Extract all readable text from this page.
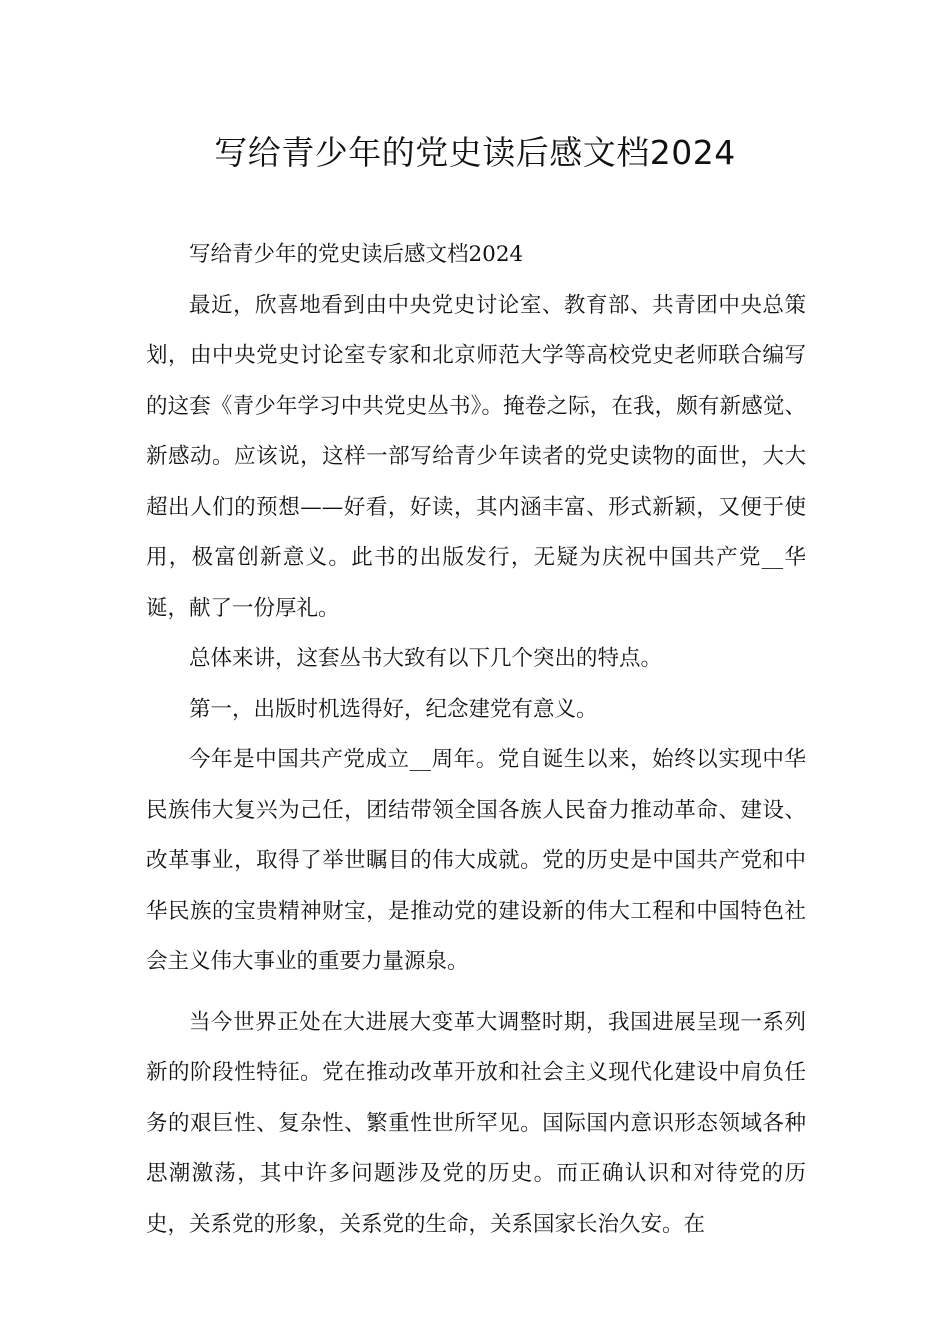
写给青少年的党史读后感文档2024

写给青少年的党史读后感文档2024

最近，欣喜地看到由中央党史讨论室、教育部、共青团中央总策划，由中央党史讨论室专家和北京师范大学等高校党史老师联合编写的这套《青少年学习中共党史丛书》。掩卷之际，在我，颇有新感觉、新感动。应该说，这样一部写给青少年读者的党史读物的面世，大大超出人们的预想——好看，好读，其内涵丰富、形式新颖，又便于使用，极富创新意义。此书的出版发行，无疑为庆祝中国共产党__华诞，献了一份厚礼。

总体来讲，这套丛书大致有以下几个突出的特点。

第一，出版时机选得好，纪念建党有意义。

今年是中国共产党成立__周年。党自诞生以来，始终以实现中华民族伟大复兴为己任，团结带领全国各族人民奋力推动革命、建设、改革事业，取得了举世瞩目的伟大成就。党的历史是中国共产党和中华民族的宝贵精神财宝，是推动党的建设新的伟大工程和中国特色社会主义伟大事业的重要力量源泉。

当今世界正处在大进展大变革大调整时期，我国进展呈现一系列新的阶段性特征。党在推动改革开放和社会主义现代化建设中肩负任务的艰巨性、复杂性、繁重性世所罕见。国际国内意识形态领域各种思潮激荡，其中许多问题涉及党的历史。而正确认识和对待党的历史，关系党的形象，关系党的生命，关系国家长治久安。在
